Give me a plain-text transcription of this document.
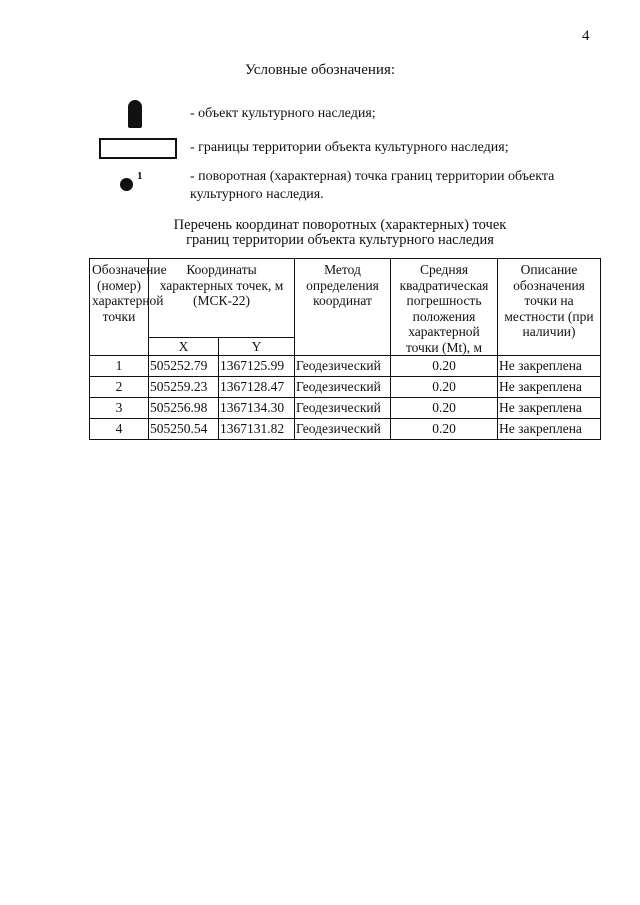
4
Условные обозначения:
- объект культурного наследия;
- границы территории объекта культурного наследия;
1	- поворотная (характерная) точка границ территории объекта культурного наследия.
Перечень координат поворотных (характерных) точек
границ территории объекта культурного наследия
Обозначение (номер) характерной точки	Координаты характерных точек, м (МСК-22)		Метод определения координат	Средняя квадратическая погрешность положения характерной точки (Mt), м	Описание обозначения точки на местности (при наличии)
	X	Y			
1	505252.79	1367125.99	Геодезический	0.20	Не закреплена
2	505259.23	1367128.47	Геодезический	0.20	Не закреплена
3	505256.98	1367134.30	Геодезический	0.20	Не закреплена
4	505250.54	1367131.82	Геодезический	0.20	Не закреплена
